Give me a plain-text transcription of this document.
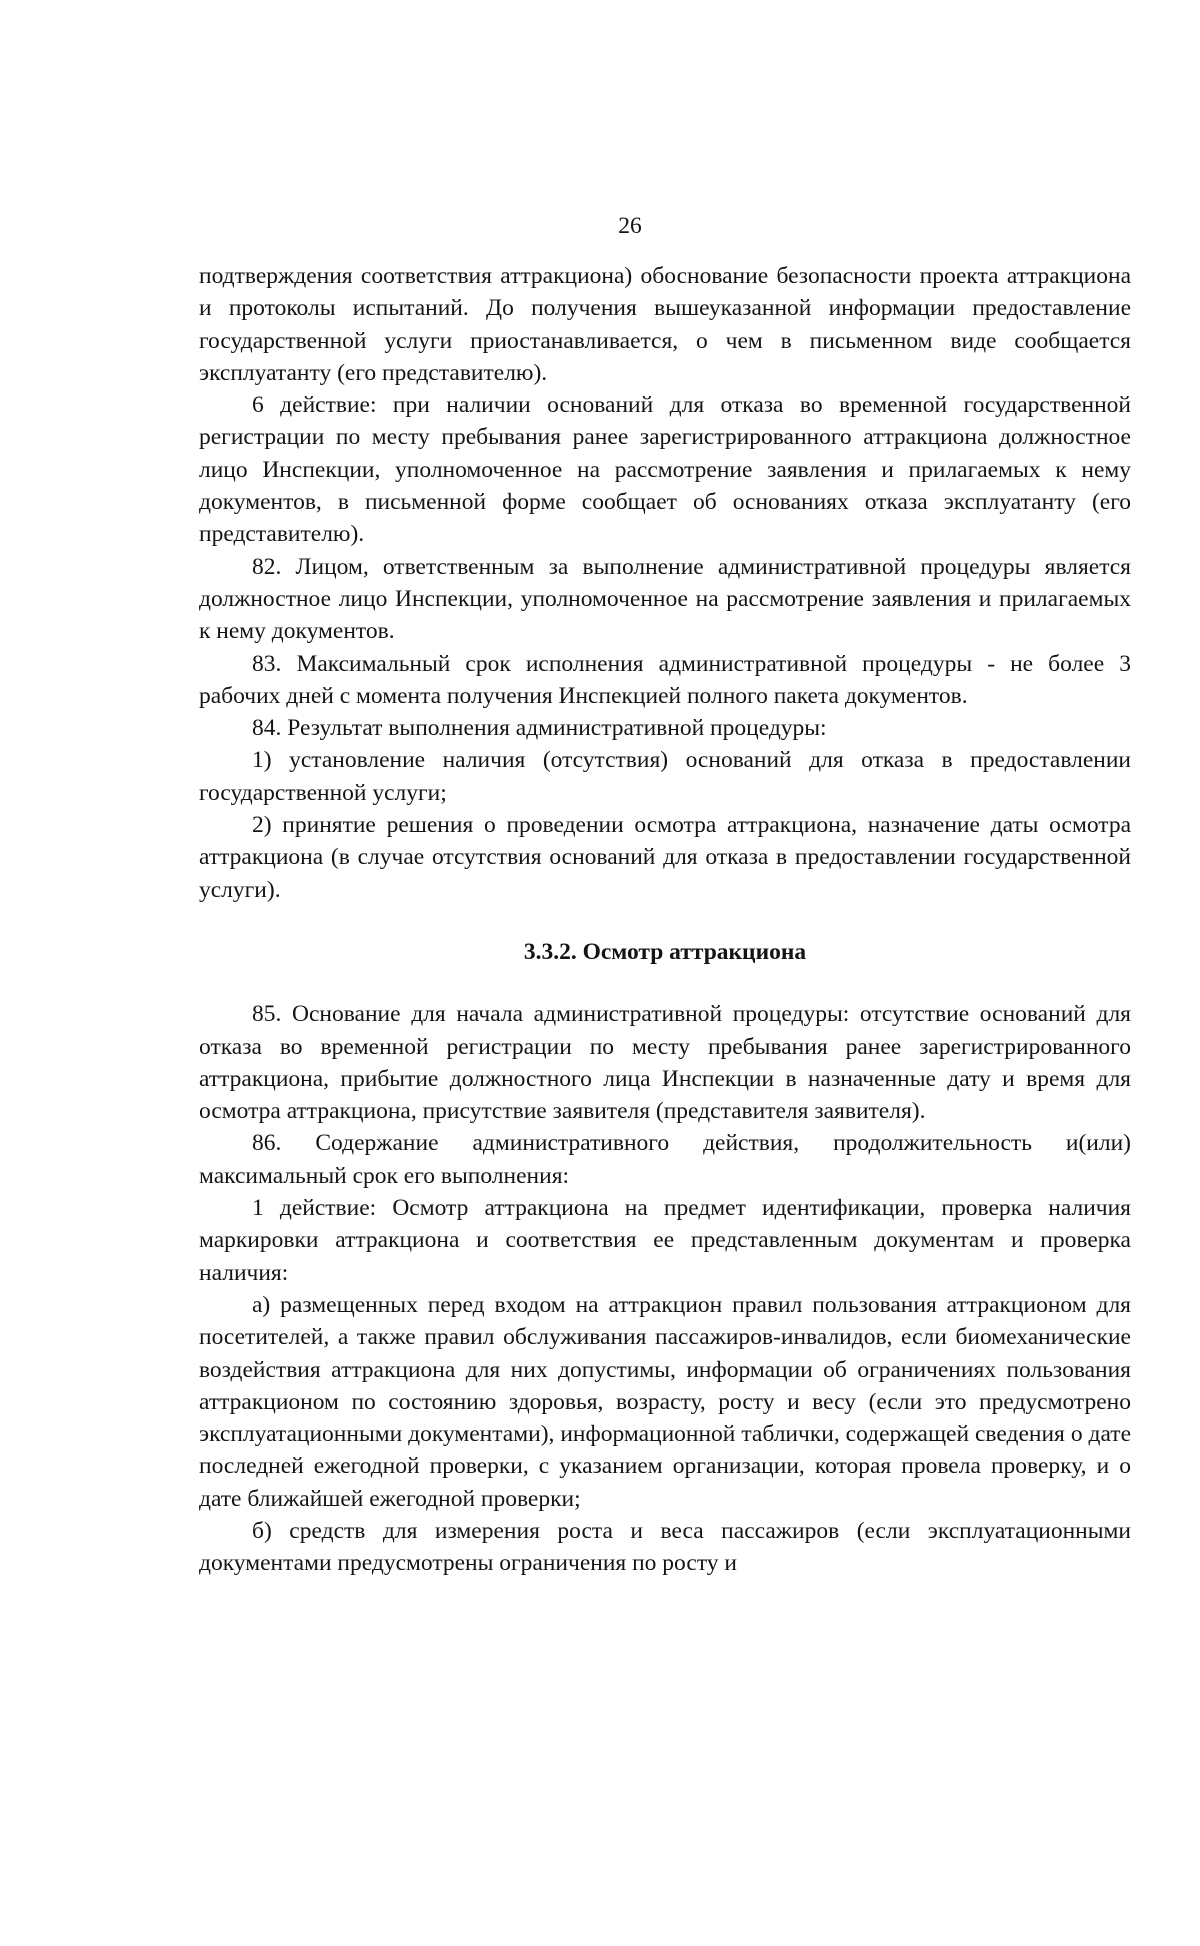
26

подтверждения соответствия аттракциона) обоснование безопасности проекта аттракциона и протоколы испытаний. До получения вышеуказанной информации предоставление государственной услуги приостанавливается, о чем в письменном виде сообщается эксплуатанту (его представителю).

6 действие: при наличии оснований для отказа во временной государственной регистрации по месту пребывания ранее зарегистрированного аттракциона должностное лицо Инспекции, уполномоченное на рассмотрение заявления и прилагаемых к нему документов, в письменной форме сообщает об основаниях отказа эксплуатанту (его представителю).

82. Лицом, ответственным за выполнение административной процедуры является должностное лицо Инспекции, уполномоченное на рассмотрение заявления и прилагаемых к нему документов.

83. Максимальный срок исполнения административной процедуры - не более 3 рабочих дней с момента получения Инспекцией полного пакета документов.

84. Результат выполнения административной процедуры:

1) установление наличия (отсутствия) оснований для отказа в предоставлении государственной услуги;

2) принятие решения о проведении осмотра аттракциона, назначение даты осмотра аттракциона (в случае отсутствия оснований для отказа в предоставлении государственной услуги).

3.3.2. Осмотр аттракциона

85. Основание для начала административной процедуры: отсутствие оснований для отказа во временной регистрации по месту пребывания ранее зарегистрированного аттракциона, прибытие должностного лица Инспекции в назначенные дату и время для осмотра аттракциона, присутствие заявителя (представителя заявителя).

86. Содержание административного действия, продолжительность и(или) максимальный срок его выполнения:

1 действие: Осмотр аттракциона на предмет идентификации, проверка наличия маркировки аттракциона и соответствия ее представленным документам и проверка наличия:

а) размещенных перед входом на аттракцион правил пользования аттракционом для посетителей, а также правил обслуживания пассажиров-инвалидов, если биомеханические воздействия аттракциона для них допустимы, информации об ограничениях пользования аттракционом по состоянию здоровья, возрасту, росту и весу (если это предусмотрено эксплуатационными документами), информационной таблички, содержащей сведения о дате последней ежегодной проверки, с указанием организации, которая провела проверку, и о дате ближайшей ежегодной проверки;

б) средств для измерения роста и веса пассажиров (если эксплуатационными документами предусмотрены ограничения по росту и
